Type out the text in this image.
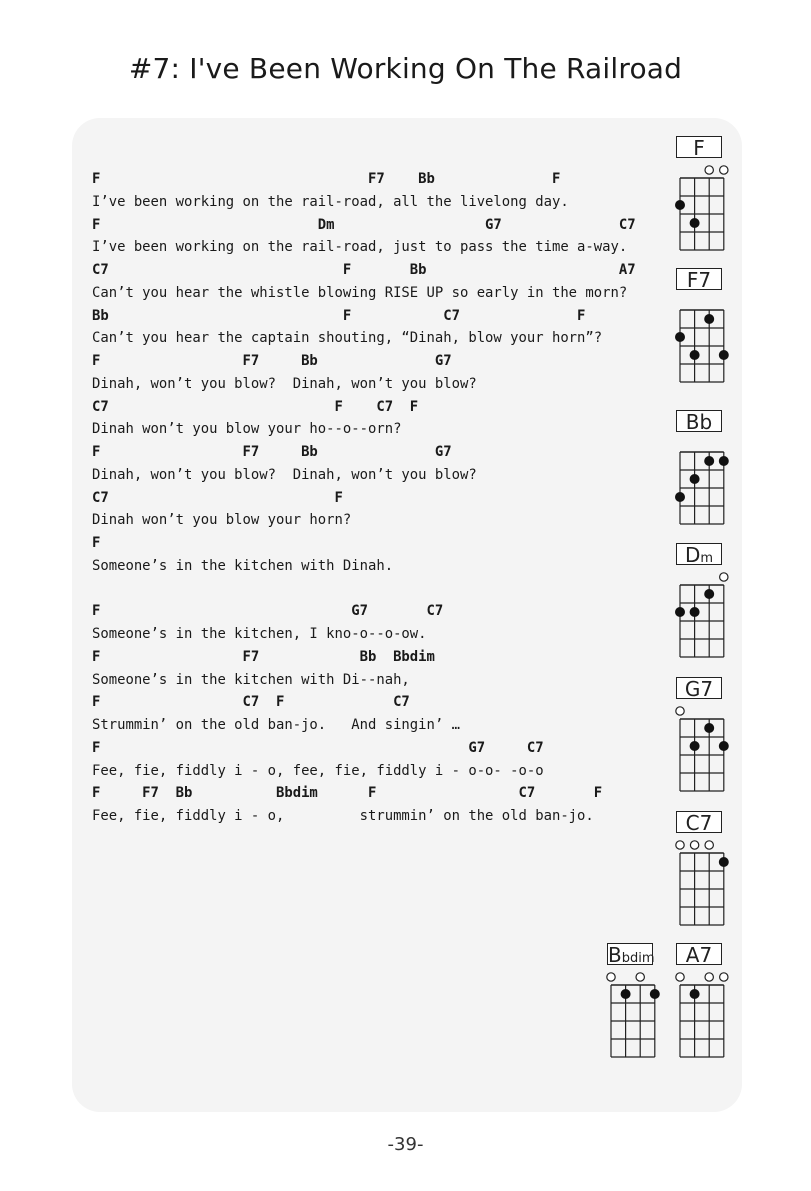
#7: I've Been Working On The Railroad
F                                F7    Bb              F
I’ve been working on the rail-road, all the livelong day.
F                          Dm                  G7              C7
I’ve been working on the rail-road, just to pass the time a-way.
C7                            F       Bb                       A7
Can’t you hear the whistle blowing RISE UP so early in the morn?
Bb                            F           C7              F
Can’t you hear the captain shouting, “Dinah, blow your horn”?
F                 F7     Bb              G7
Dinah, won’t you blow?  Dinah, won’t you blow?
C7                           F    C7  F
Dinah won’t you blow your ho--o--orn?
F                 F7     Bb              G7
Dinah, won’t you blow?  Dinah, won’t you blow?
C7                           F
Dinah won’t you blow your horn?
F
Someone’s in the kitchen with Dinah.
F                              G7       C7
Someone’s in the kitchen, I kno-o--o-ow.
F                 F7            Bb  Bbdim
Someone’s in the kitchen with Di--nah,
F                 C7  F             C7
Strummin’ on the old ban-jo.   And singin’ …
F                                            G7     C7
Fee, fie, fiddly i - o, fee, fie, fiddly i - o-o- -o-o
F     F7  Bb          Bbdim      F                 C7       F
Fee, fie, fiddly i - o,         strummin’ on the old ban-jo.
F
F7
Bb
Dm
G7
C7
Bbdim	A7
-39-
